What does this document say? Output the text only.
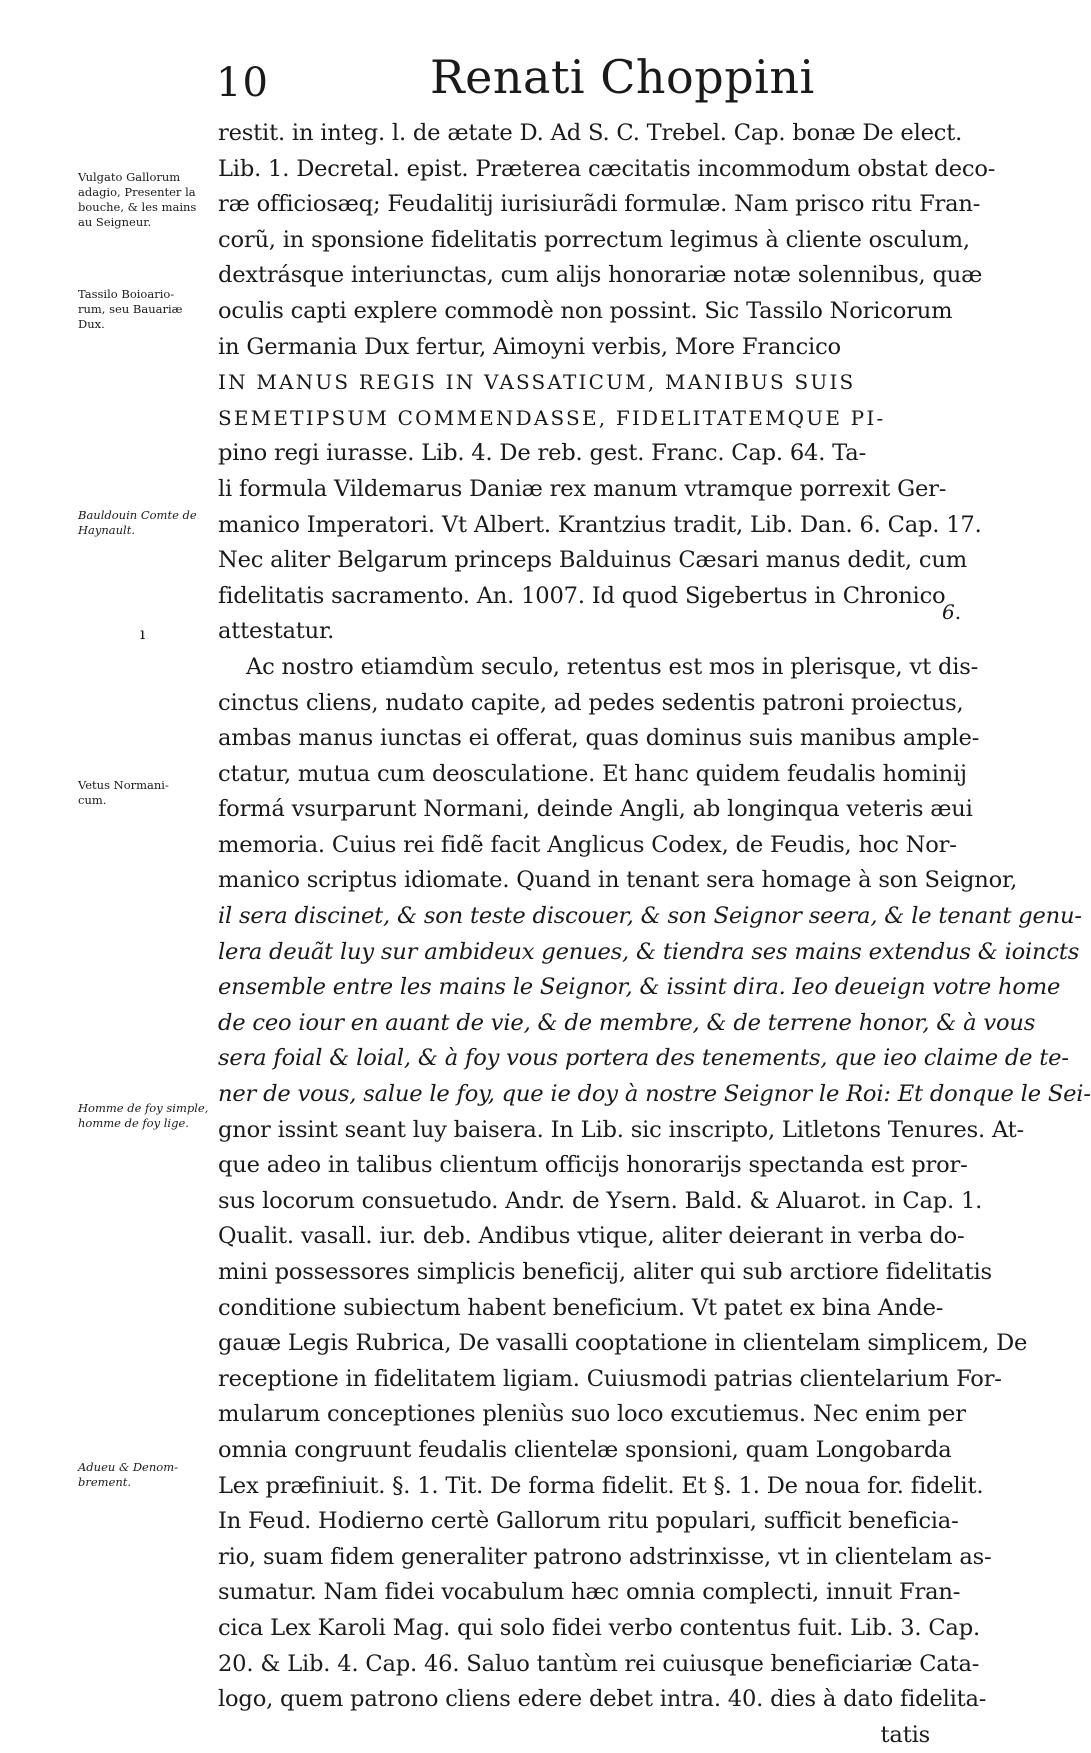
10	Renati Choppini
Vulgato Gallorum
adagio, Presenter la
bouche, & les mains
au Seigneur.
Tassilo Boioario-
rum, seu Bauariæ
Dux.
Bauldouin Comte de
Haynault.
Vetus Normani-
cum.
Homme de foy simple,
homme de foy lige.
Adueu & Denom-
brement.
ı
6.
restit. in integ. l. de ætate D. Ad S. C. Trebel. Cap. bonæ De elect.
Lib. 1. Decretal. epist. Præterea cæcitatis incommodum obstat deco-
ræ officiosæq; Feudalitij iurisiurãdi formulæ. Nam prisco ritu Fran-
corũ, in sponsione fidelitatis porrectum legimus à cliente osculum,
dextrásque interiunctas, cum alijs honorariæ notæ solennibus, quæ
oculis capti explere commodè non possint. Sic Tassilo Noricorum
in Germania Dux fertur, Aimoyni verbis, More Francico
IN MANUS REGIS IN VASSATICUM, MANIBUS SUIS
SEMETIPSUM COMMENDASSE, FIDELITATEMQUE PI-
pino regi iurasse. Lib. 4. De reb. gest. Franc. Cap. 64. Ta-
li formula Vildemarus Daniæ rex manum vtramque porrexit Ger-
manico Imperatori. Vt Albert. Krantzius tradit, Lib. Dan. 6. Cap. 17.
Nec aliter Belgarum princeps Balduinus Cæsari manus dedit, cum
fidelitatis sacramento. An. 1007. Id quod Sigebertus in Chronico
attestatur.
Ac nostro etiamdùm seculo, retentus est mos in plerisque, vt dis-
cinctus cliens, nudato capite, ad pedes sedentis patroni proiectus,
ambas manus iunctas ei offerat, quas dominus suis manibus ample-
ctatur, mutua cum deosculatione. Et hanc quidem feudalis hominij
formá vsurparunt Normani, deinde Angli, ab longinqua veteris æui
memoria. Cuius rei fidẽ facit Anglicus Codex, de Feudis, hoc Nor-
manico scriptus idiomate. Quand in tenant sera homage à son Seignor,
il sera discinet, & son teste discouer, & son Seignor seera, & le tenant genu-
lera deuãt luy sur ambideux genues, & tiendra ses mains extendus & ioincts
ensemble entre les mains le Seignor, & issint dira. Ieo deueign votre home
de ceo iour en auant de vie, & de membre, & de terrene honor, & à vous
sera foial & loial, & à foy vous portera des tenements, que ieo claime de te-
ner de vous, salue le foy, que ie doy à nostre Seignor le Roi: Et donque le Sei-
gnor issint seant luy baisera. In Lib. sic inscripto, Litletons Tenures. At-
que adeo in talibus clientum officijs honorarijs spectanda est pror-
sus locorum consuetudo. Andr. de Ysern. Bald. & Aluarot. in Cap. 1.
Qualit. vasall. iur. deb. Andibus vtique, aliter deierant in verba do-
mini possessores simplicis beneficij, aliter qui sub arctiore fidelitatis
conditione subiectum habent beneficium. Vt patet ex bina Ande-
gauæ Legis Rubrica, De vasalli cooptatione in clientelam simplicem, De
receptione in fidelitatem ligiam. Cuiusmodi patrias clientelarium For-
mularum conceptiones pleniùs suo loco excutiemus. Nec enim per
omnia congruunt feudalis clientelæ sponsioni, quam Longobarda
Lex præfiniuit. §. 1. Tit. De forma fidelit. Et §. 1. De noua for. fidelit.
In Feud. Hodierno certè Gallorum ritu populari, sufficit beneficia-
rio, suam fidem generaliter patrono adstrinxisse, vt in clientelam as-
sumatur. Nam fidei vocabulum hæc omnia complecti, innuit Fran-
cica Lex Karoli Mag. qui solo fidei verbo contentus fuit. Lib. 3. Cap.
20. & Lib. 4. Cap. 46. Saluo tantùm rei cuiusque beneficiariæ Cata-
logo, quem patrono cliens edere debet intra. 40. dies à dato fidelita-
tatis
